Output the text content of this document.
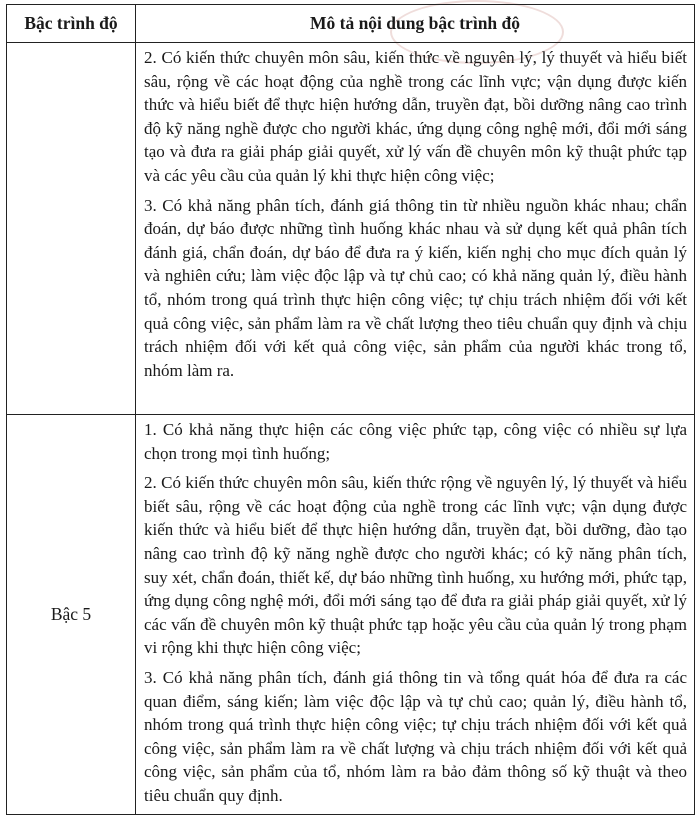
Bậc trình độ	Mô tả nội dung bậc trình độ

	2. Có kiến thức chuyên môn sâu, kiến thức về nguyên lý, lý thuyết và hiểu biết sâu, rộng về các hoạt động của nghề trong các lĩnh vực; vận dụng được kiến thức và hiểu biết để thực hiện hướng dẫn, truyền đạt, bồi dưỡng nâng cao trình độ kỹ năng nghề được cho người khác, ứng dụng công nghệ mới, đổi mới sáng tạo và đưa ra giải pháp giải quyết, xử lý vấn đề chuyên môn kỹ thuật phức tạp và các yêu cầu của quản lý khi thực hiện công việc;

3. Có khả năng phân tích, đánh giá thông tin từ nhiều nguồn khác nhau; chẩn đoán, dự báo được những tình huống khác nhau và sử dụng kết quả phân tích đánh giá, chẩn đoán, dự báo để đưa ra ý kiến, kiến nghị cho mục đích quản lý và nghiên cứu; làm việc độc lập và tự chủ cao; có khả năng quản lý, điều hành tổ, nhóm trong quá trình thực hiện công việc; tự chịu trách nhiệm đối với kết quả công việc, sản phẩm làm ra về chất lượng theo tiêu chuẩn quy định và chịu trách nhiệm đối với kết quả công việc, sản phẩm của người khác trong tổ, nhóm làm ra.

Bậc 5	1. Có khả năng thực hiện các công việc phức tạp, công việc có nhiều sự lựa chọn trong mọi tình huống;

2. Có kiến thức chuyên môn sâu, kiến thức rộng về nguyên lý, lý thuyết và hiểu biết sâu, rộng về các hoạt động của nghề trong các lĩnh vực; vận dụng được kiến thức và hiểu biết để thực hiện hướng dẫn, truyền đạt, bồi dưỡng, đào tạo nâng cao trình độ kỹ năng nghề được cho người khác; có kỹ năng phân tích, suy xét, chẩn đoán, thiết kế, dự báo những tình huống, xu hướng mới, phức tạp, ứng dụng công nghệ mới, đổi mới sáng tạo để đưa ra giải pháp giải quyết, xử lý các vấn đề chuyên môn kỹ thuật phức tạp hoặc yêu cầu của quản lý trong phạm vi rộng khi thực hiện công việc;

3. Có khả năng phân tích, đánh giá thông tin và tổng quát hóa để đưa ra các quan điểm, sáng kiến; làm việc độc lập và tự chủ cao; quản lý, điều hành tổ, nhóm trong quá trình thực hiện công việc; tự chịu trách nhiệm đối với kết quả công việc, sản phẩm làm ra về chất lượng và chịu trách nhiệm đối với kết quả công việc, sản phẩm của tổ, nhóm làm ra bảo đảm thông số kỹ thuật và theo tiêu chuẩn quy định.
